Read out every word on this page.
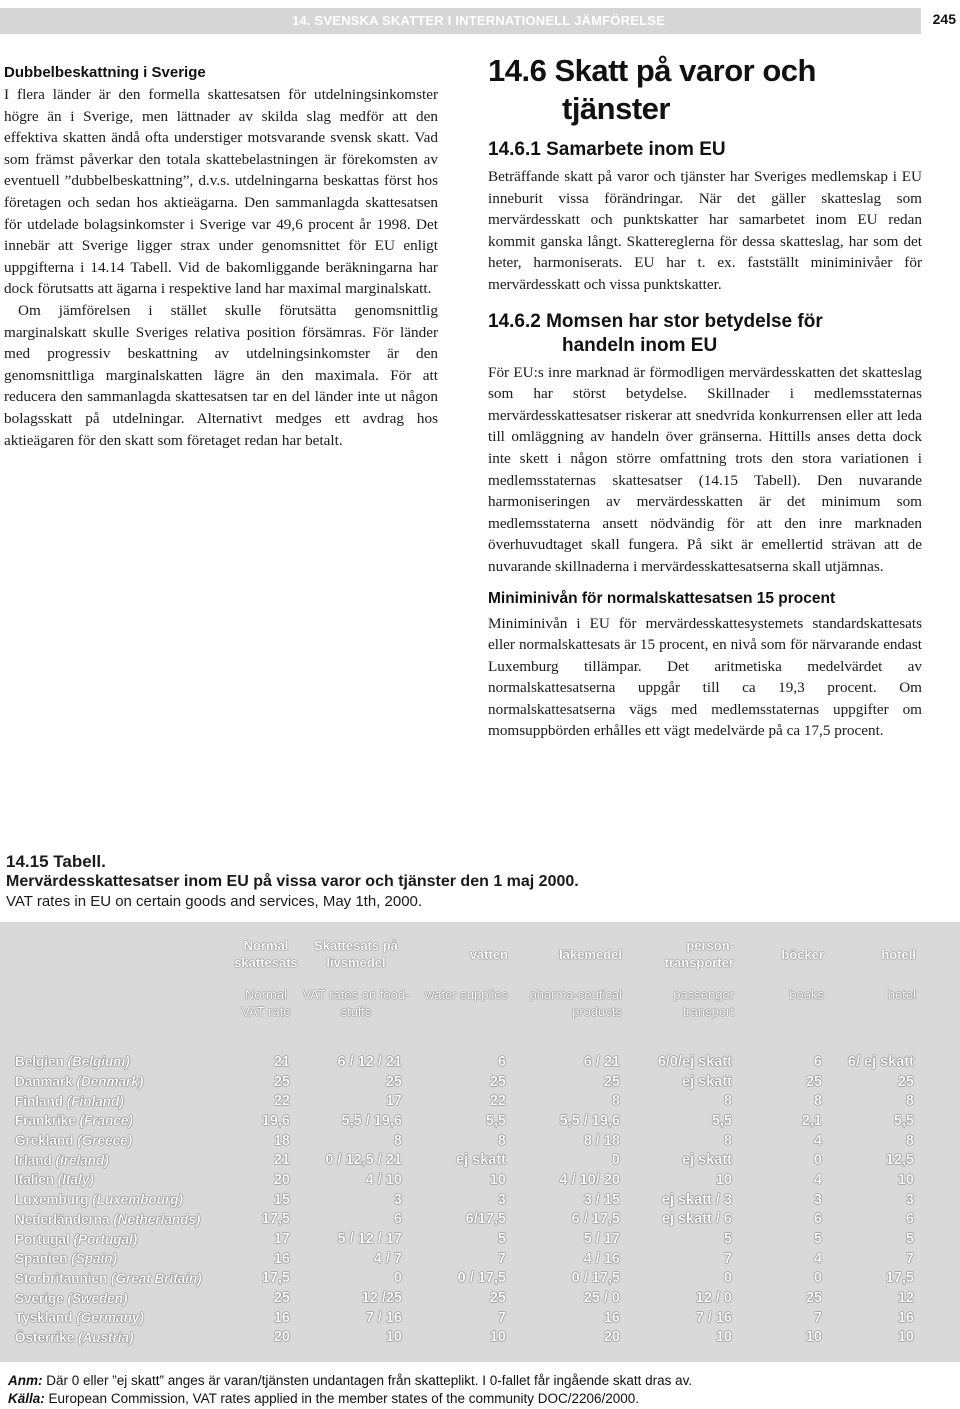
14. SVENSKA SKATTER I INTERNATIONELL JÄMFÖRELSE	245
Dubbelbeskattning i Sverige

I flera länder är den formella skattesatsen för utdelningsinkomster högre än i Sverige, men lättnader av skilda slag medför att den effektiva skatten ändå ofta understiger motsvarande svensk skatt. Vad som främst påverkar den totala skattebelastningen är förekomsten av eventuell ”dubbelbeskattning”, d.v.s. utdelningarna beskattas först hos företagen och sedan hos aktieägarna. Den sammanlagda skattesatsen för utdelade bolagsinkomster i Sverige var 49,6 procent år 1998. Det innebär att Sverige ligger strax under genomsnittet för EU enligt uppgifterna i 14.14 Tabell. Vid de bakomliggande beräkningarna har dock förutsatts att ägarna i respektive land har maximal marginalskatt.

Om jämförelsen i stället skulle förutsätta genomsnittlig marginalskatt skulle Sveriges relativa position försämras. För länder med progressiv beskattning av utdelningsinkomster är den genomsnittliga marginalskatten lägre än den maximala. För att reducera den sammanlagda skattesatsen tar en del länder inte ut någon bolagsskatt på utdelningar. Alternativt medges ett avdrag hos aktieägaren för den skatt som företaget redan har betalt.

14.6 Skatt på varor och
tjänster
14.6.1 Samarbete inom EU

Beträffande skatt på varor och tjänster har Sveriges medlemskap i EU inneburit vissa förändringar. När det gäller skatteslag som mervärdesskatt och punktskatter har samarbetet inom EU redan kommit ganska långt. Skattereglerna för dessa skatteslag, har som det heter, harmoniserats. EU har t. ex. fastställt miniminivåer för mervärdesskatt och vissa punktskatter.

14.6.2 Momsen har stor betydelse för
handeln inom EU

För EU:s inre marknad är förmodligen mervärdesskatten det skatteslag som har störst betydelse. Skillnader i medlemsstaternas mervärdesskattesatser riskerar att snedvrida konkurrensen eller att leda till omläggning av handeln över gränserna. Hittills anses detta dock inte skett i någon större omfattning trots den stora variationen i medlemsstaternas skattesatser (14.15 Tabell). Den nuvarande harmoniseringen av mervärdesskatten är det minimum som medlemsstaterna ansett nödvändig för att den inre marknaden överhuvudtaget skall fungera. På sikt är emellertid strävan att de nuvarande skillnaderna i mervärdesskattesatserna skall utjämnas.

Miniminivån för normalskattesatsen 15 procent

Miniminivån i EU för mervärdesskattesystemets standardskattesats eller normalskattesats är 15 procent, en nivå som för närvarande endast Luxemburg tillämpar. Det aritmetiska medelvärdet av normalskattesatserna uppgår till ca 19,3 procent. Om normalskattesatserna vägs med medlemsstaternas uppgifter om momsuppbörden erhålles ett vägt medelvärde på ca 17,5 procent.

14.15 Tabell.
Mervärdesskattesatser inom EU på vissa varor och tjänster den 1 maj 2000.
VAT rates in EU on certain goods and services, May 1th, 2000.
	Normal skattesats	Skattesats på livsmedel	vatten	läkemedel	person-transporter	böcker	hotell
	Normal VAT rate	VAT rates on food-stuffs	water supplies	pharma-ceutical products	passenger transport	books	hotel

Belgien (Belgium)	21	6 / 12 / 21	6	6 / 21	6/0/ej skatt	6	6/ ej skatt
Danmark (Denmark)	25	25	25	25	ej skatt	25	25
Finland (Finland)	22	17	22	8	8	8	8
Frankrike (France)	19,6	5,5 / 19,6	5,5	5,5 / 19,6	5,5	2,1	5,5
Grekland (Greece)	18	8	8	8 / 18	8	4	8
Irland (Ireland)	21	0 / 12,5 / 21	ej skatt	0	ej skatt	0	12,5
Italien (Italy)	20	4 / 10	10	4 / 10/ 20	10	4	10
Luxemburg (Luxembourg)	15	3	3	3 / 15	ej skatt / 3	3	3
Nederländerna (Netherlands)	17,5	6	6/17,5	6 / 17,5	ej skatt / 6	6	6
Portugal (Portugal)	17	5 / 12 / 17	5	5 / 17	5	5	5
Spanien (Spain)	16	4 / 7	7	4 / 16	7	4	7
Storbritannien (Great Britain)	17,5	0	0 / 17,5	0 / 17,5	0	0	17,5
Sverige (Sweden)	25	12 /25	25	25 / 0	12 / 0	25	12
Tyskland (Germany)	16	7 / 16	7	16	7 / 16	7	16
Österrike (Austria)	20	10	10	20	10	10	10
Anm: Där 0 eller ”ej skatt” anges är varan/tjänsten undantagen från skatteplikt. I 0-fallet får ingående skatt dras av.
Källa: European Commission, VAT rates applied in the member states of the community DOC/2206/2000.
